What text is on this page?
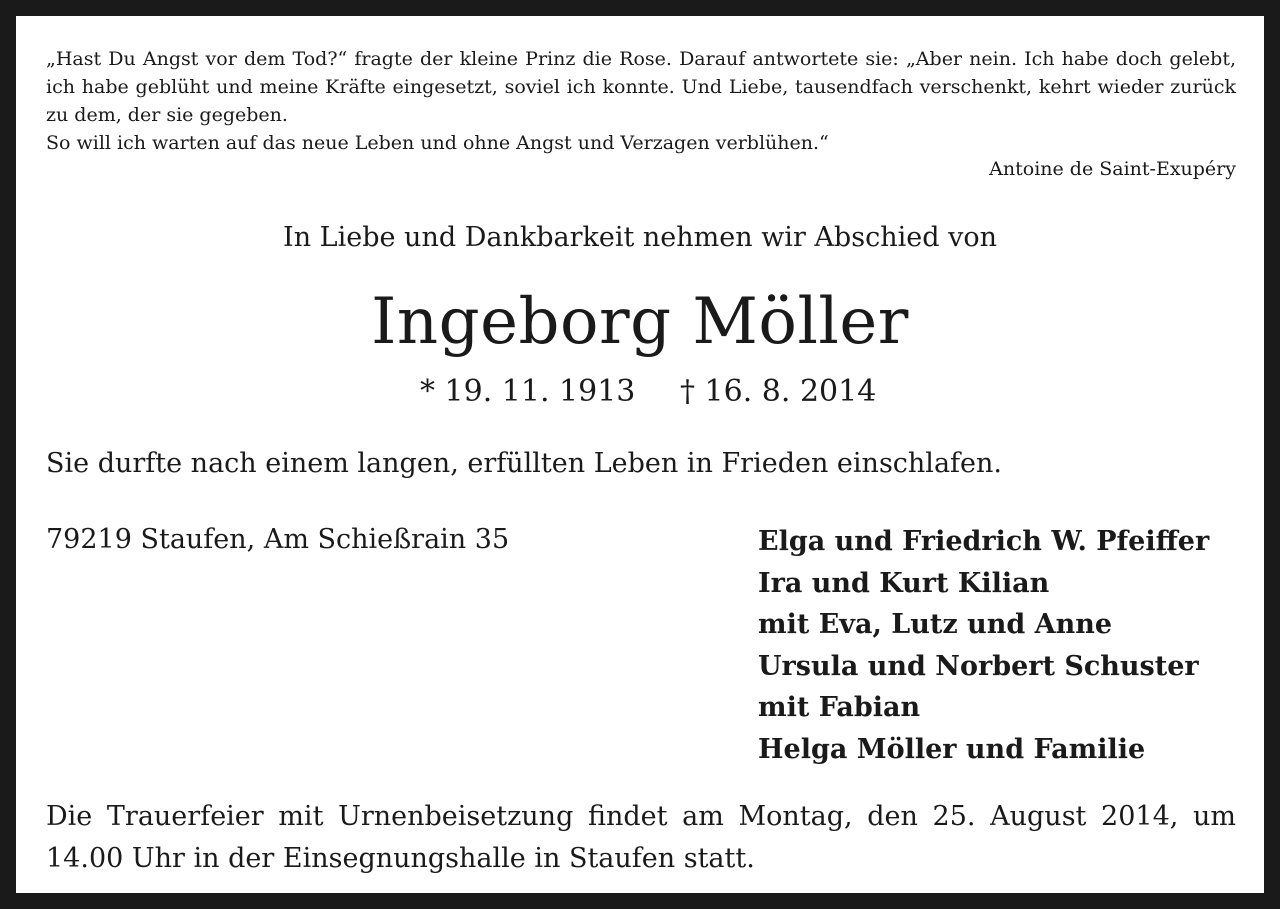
„Hast Du Angst vor dem Tod?“ fragte der kleine Prinz die Rose. Darauf antwortete sie: „Aber nein. Ich habe doch gelebt, ich habe geblüht und meine Kräfte eingesetzt, soviel ich konnte. Und Liebe, tausendfach verschenkt, kehrt wieder zurück zu dem, der sie gegeben.

So will ich warten auf das neue Leben und ohne Angst und Verzagen verblühen.“

Antoine de Saint-Exupéry
In Liebe und Dankbarkeit nehmen wir Abschied von
Ingeborg Möller
* 19. 11. 1913 † 16. 8. 2014
Sie durfte nach einem langen, erfüllten Leben in Frieden einschlafen.
79219 Staufen, Am Schießrain 35	Elga und Friedrich W. Pfeiffer
Ira und Kurt Kilian
mit Eva, Lutz und Anne
Ursula und Norbert Schuster
mit Fabian
Helga Möller und Familie
Die Trauerfeier mit Urnenbeisetzung findet am Montag, den 25. August 2014, um 14.00 Uhr in der Einsegnungshalle in Staufen statt.
